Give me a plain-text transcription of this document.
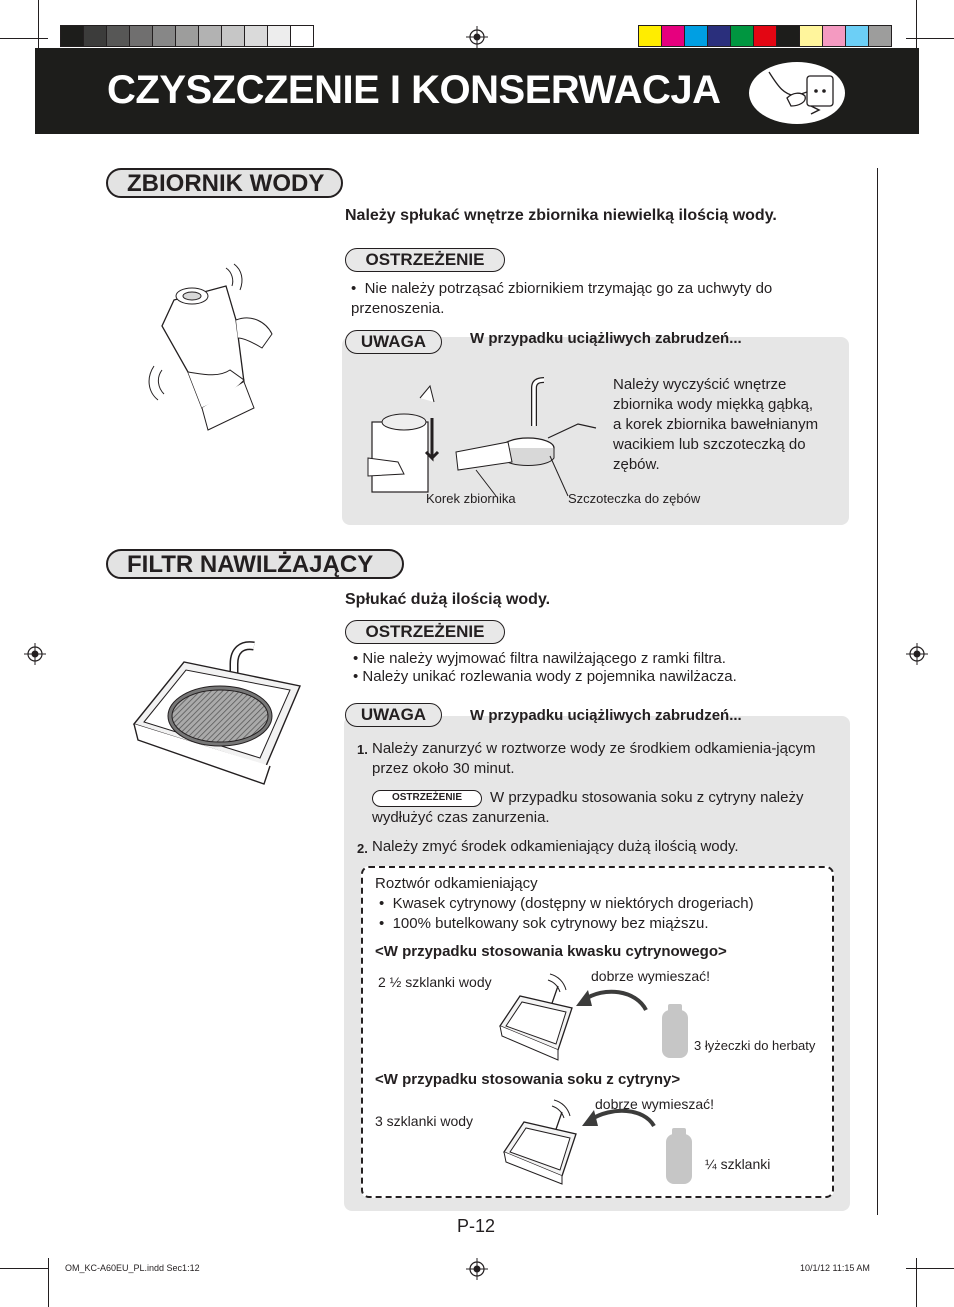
CZYSZCZENIE I KONSERWACJA
ZBIORNIK WODY
Należy spłukać wnętrze zbiornika niewielką ilością wody.
OSTRZEŻENIE
•  Nie należy potrząsać zbiornikiem trzymając go za uchwyty do przenoszenia.
UWAGA	W przypadku uciążliwych zabrudzeń...
Należy wyczyścić wnętrze zbiornika wody miękką gąbką, a korek zbiornika bawełnianym wacikiem lub szczoteczką do zębów.
Korek zbiornika	Szczoteczka do zębów
FILTR NAWILŻAJĄCY
Spłukać dużą ilością wody.
OSTRZEŻENIE
• Nie należy wyjmować filtra nawilżającego z ramki filtra.
• Należy unikać rozlewania wody z pojemnika nawilżacza.
UWAGA	W przypadku uciążliwych zabrudzeń...
1. Należy zanurzyć w roztworze wody ze środkiem odkamienia-jącym przez około 30 minut.
OSTRZEŻENIE	W przypadku stosowania soku z cytryny należy wydłużyć czas zanurzenia.
2. Należy zmyć środek odkamieniający dużą ilością wody.
Roztwór odkamieniający
•  Kwasek cytrynowy (dostępny w niektórych drogeriach)
•  100% butelkowany sok cytrynowy bez miąższu.
<W przypadku stosowania kwasku cytrynowego>
2 ½ szklanki wody	dobrze wymieszać!
3 łyżeczki do herbaty
<W przypadku stosowania soku z cytryny>
3 szklanki wody
dobrze wymieszać!
¼ szklanki
P-12
OM_KC-A60EU_PL.indd Sec1:12	10/1/12 11:15 AM
